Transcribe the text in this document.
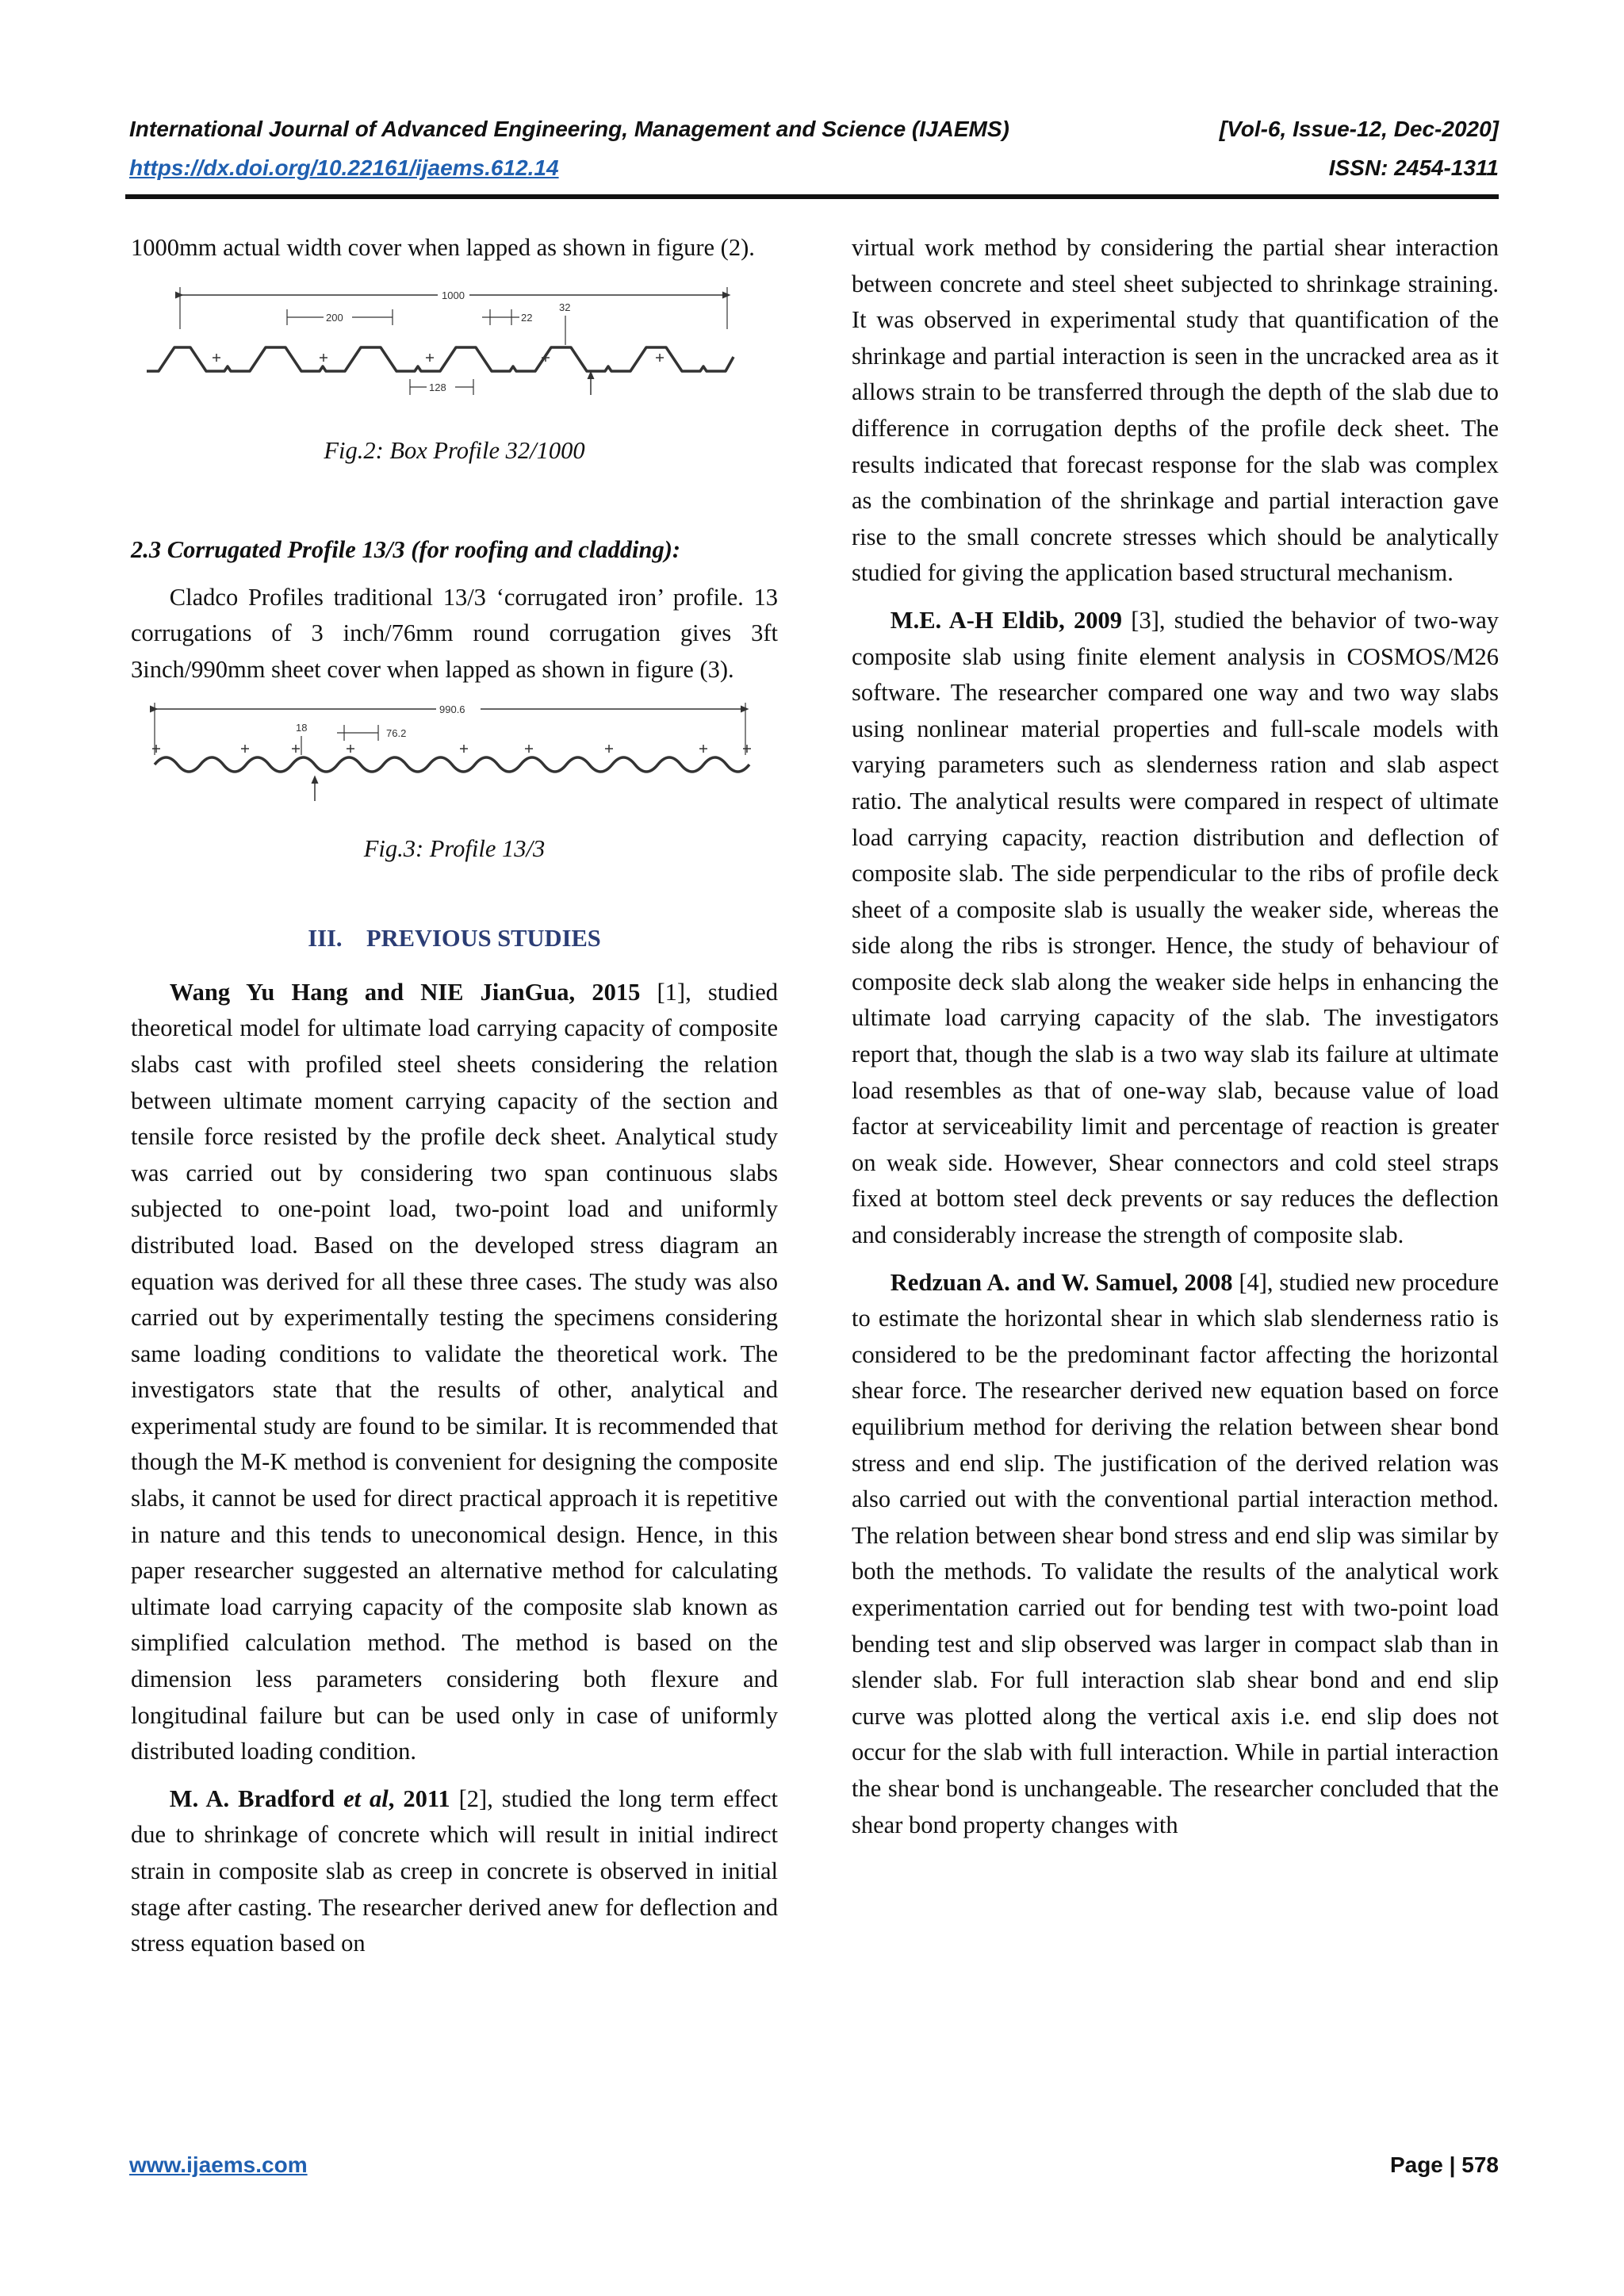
International Journal of Advanced Engineering, Management and Science (IJAEMS)	[Vol-6, Issue-12, Dec-2020]
https://dx.doi.org/10.22161/ijaems.612.14	ISSN: 2454-1311

1000mm actual width cover when lapped as shown in figure (2).

1000
200	22
32
128

Fig.2: Box Profile 32/1000

2.3 Corrugated Profile 13/3 (for roofing and cladding):

Cladco Profiles traditional 13/3 ‘corrugated iron’ profile. 13 corrugations of 3 inch/76mm round corrugation gives 3ft 3inch/990mm sheet cover when lapped as shown in figure (3).

990.6
18	76.2

Fig.3: Profile 13/3

III.    PREVIOUS STUDIES

Wang Yu Hang and NIE JianGua, 2015 [1], studied theoretical model for ultimate load carrying capacity of composite slabs cast with profiled steel sheets considering the relation between ultimate moment carrying capacity of the section and tensile force resisted by the profile deck sheet. Analytical study was carried out by considering two span continuous slabs subjected to one-point load, two-point load and uniformly distributed load. Based on the developed stress diagram an equation was derived for all these three cases. The study was also carried out by experimentally testing the specimens considering same loading conditions to validate the theoretical work. The investigators state that the results of other, analytical and experimental study are found to be similar. It is recommended that though the M-K method is convenient for designing the composite slabs, it cannot be used for direct practical approach it is repetitive in nature and this tends to uneconomical design. Hence, in this paper researcher suggested an alternative method for calculating ultimate load carrying capacity of the composite slab known as simplified calculation method. The method is based on the dimension less parameters considering both flexure and longitudinal failure but can be used only in case of uniformly distributed loading condition.

M. A. Bradford et al, 2011 [2], studied the long term effect due to shrinkage of concrete which will result in initial indirect strain in composite slab as creep in concrete is observed in initial stage after casting. The researcher derived anew for deflection and stress equation based on

virtual work method by considering the partial shear interaction between concrete and steel sheet subjected to shrinkage straining. It was observed in experimental study that quantification of the shrinkage and partial interaction is seen in the uncracked area as it allows strain to be transferred through the depth of the slab due to difference in corrugation depths of the profile deck sheet. The results indicated that forecast response for the slab was complex as the combination of the shrinkage and partial interaction gave rise to the small concrete stresses which should be analytically studied for giving the application based structural mechanism.

M.E. A-H Eldib, 2009 [3], studied the behavior of two-way composite slab using finite element analysis in COSMOS/M26 software. The researcher compared one way and two way slabs using nonlinear material properties and full-scale models with varying parameters such as slenderness ration and slab aspect ratio. The analytical results were compared in respect of ultimate load carrying capacity, reaction distribution and deflection of composite slab. The side perpendicular to the ribs of profile deck sheet of a composite slab is usually the weaker side, whereas the side along the ribs is stronger. Hence, the study of behaviour of composite deck slab along the weaker side helps in enhancing the ultimate load carrying capacity of the slab. The investigators report that, though the slab is a two way slab its failure at ultimate load resembles as that of one-way slab, because value of load factor at serviceability limit and percentage of reaction is greater on weak side. However, Shear connectors and cold steel straps fixed at bottom steel deck prevents or say reduces the deflection and considerably increase the strength of composite slab.

Redzuan A. and W. Samuel, 2008 [4], studied new procedure to estimate the horizontal shear in which slab slenderness ratio is considered to be the predominant factor affecting the horizontal shear force. The researcher derived new equation based on force equilibrium method for deriving the relation between shear bond stress and end slip. The justification of the derived relation was also carried out with the conventional partial interaction method. The relation between shear bond stress and end slip was similar by both the methods. To validate the results of the analytical work experimentation carried out for bending test with two-point load bending test and slip observed was larger in compact slab than in slender slab. For full interaction slab shear bond and end slip curve was plotted along the vertical axis i.e. end slip does not occur for the slab with full interaction. While in partial interaction the shear bond is unchangeable. The researcher concluded that the shear bond property changes with

www.ijaems.com	Page | 578
